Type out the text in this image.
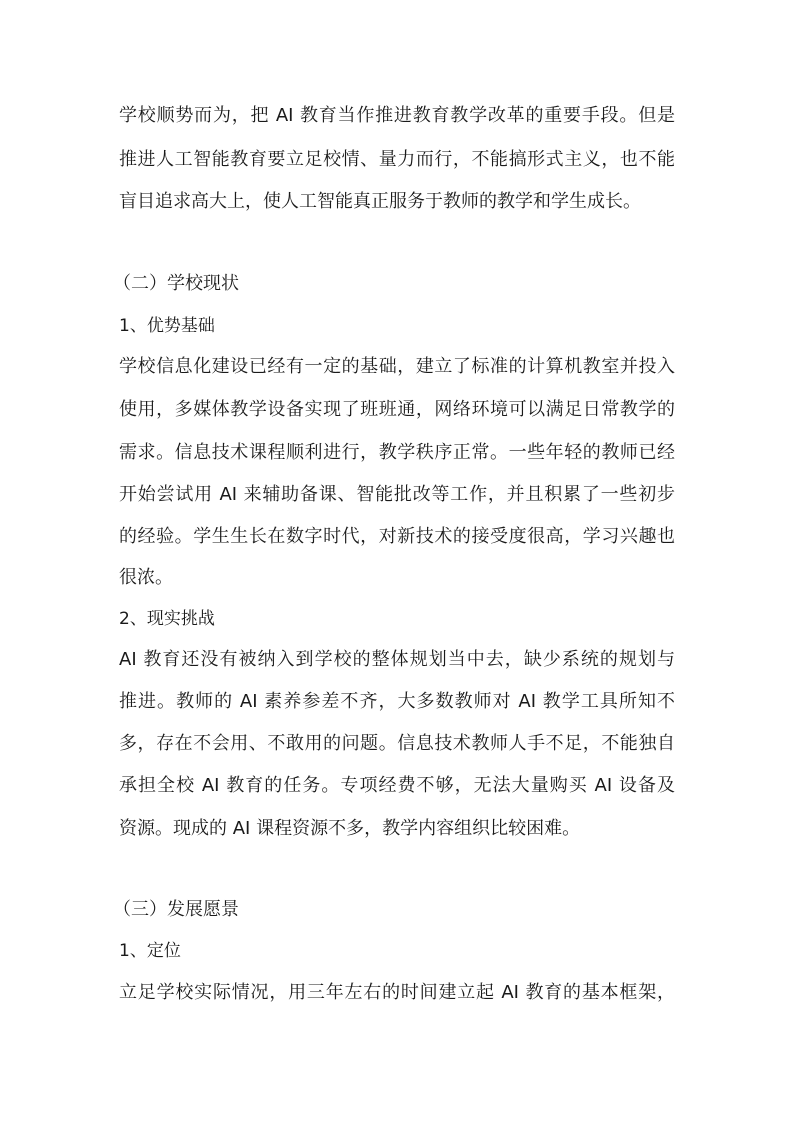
学校顺势而为，把 AI 教育当作推进教育教学改革的重要手段。但是
推进人工智能教育要立足校情、量力而行，不能搞形式主义，也不能
盲目追求高大上，使人工智能真正服务于教师的教学和学生成长。
（二）学校现状
1、优势基础
学校信息化建设已经有一定的基础，建立了标准的计算机教室并投入
使用，多媒体教学设备实现了班班通，网络环境可以满足日常教学的
需求。信息技术课程顺利进行，教学秩序正常。一些年轻的教师已经
开始尝试用 AI 来辅助备课、智能批改等工作，并且积累了一些初步
的经验。学生生长在数字时代，对新技术的接受度很高，学习兴趣也
很浓。
2、现实挑战
AI 教育还没有被纳入到学校的整体规划当中去，缺少系统的规划与
推进。教师的 AI 素养参差不齐，大多数教师对 AI 教学工具所知不
多，存在不会用、不敢用的问题。信息技术教师人手不足，不能独自
承担全校 AI 教育的任务。专项经费不够，无法大量购买 AI 设备及
资源。现成的 AI 课程资源不多，教学内容组织比较困难。
（三）发展愿景
1、定位
立足学校实际情况，用三年左右的时间建立起 AI 教育的基本框架，
